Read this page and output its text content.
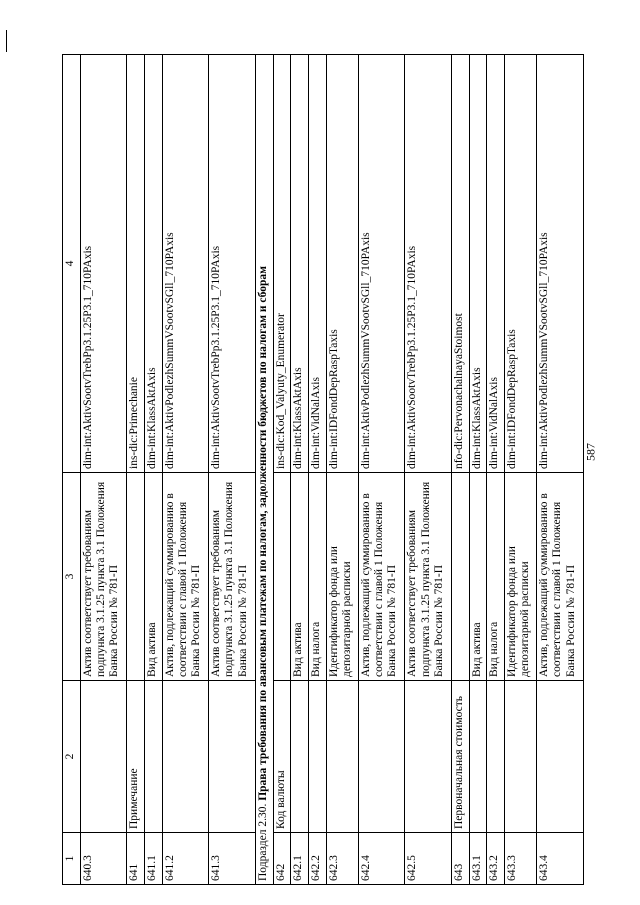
587
1	2	3	4
640.3		Актив соответствует требованиям подпункта 3.1.25 пункта 3.1 Положения Банка России № 781-П	dim-int:AktivSootvTrebPp3.1.25P3.1_710PAxis
641	Примечание		ins-dic:Primechanie
641.1		Вид актива	dim-int:KlassAktAxis
641.2		Актив, подлежащий суммированию в соответствии с главой 1 Положения Банка России № 781-П	dim-int:AktivPodlezhSummVSootvSGll_710PAxis
641.3		Актив соответствует требованиям подпункта 3.1.25 пункта 3.1 Положения Банка России № 781-П	dim-int:AktivSootvTrebPp3.1.25P3.1_710PAxis
Подраздел 2.30. Права требования по авансовым платежам по налогам, задолженности бюджетов по налогам и сборам			
642	Код валюты		ins-dic:Kod_Valyuty_Enumerator
642.1		Вид актива	dim-int:KlassAktAxis
642.2		Вид налога	dim-int:VidNalAxis
642.3		Идентификатор фонда или депозитарной расписки	dim-int:IDFondDepRaspTaxis
642.4		Актив, подлежащий суммированию в соответствии с главой 1 Положения Банка России № 781-П	dim-int:AktivPodlezhSummVSootvSGll_710PAxis
642.5		Актив соответствует требованиям подпункта 3.1.25 пункта 3.1 Положения Банка России № 781-П	dim-int:AktivSootvTrebPp3.1.25P3.1_710PAxis
643	Первоначальная стоимость		nfo-dic:PervonachalnayaStoimost
643.1		Вид актива	dim-int:KlassAktAxis
643.2		Вид налога	dim-int:VidNalAxis
643.3		Идентификатор фонда или депозитарной расписки	dim-int:IDFondDepRaspTaxis
643.4		Актив, подлежащий суммированию в соответствии с главой 1 Положения Банка России № 781-П	dim-int:AktivPodlezhSummVSootvSGll_710PAxis
